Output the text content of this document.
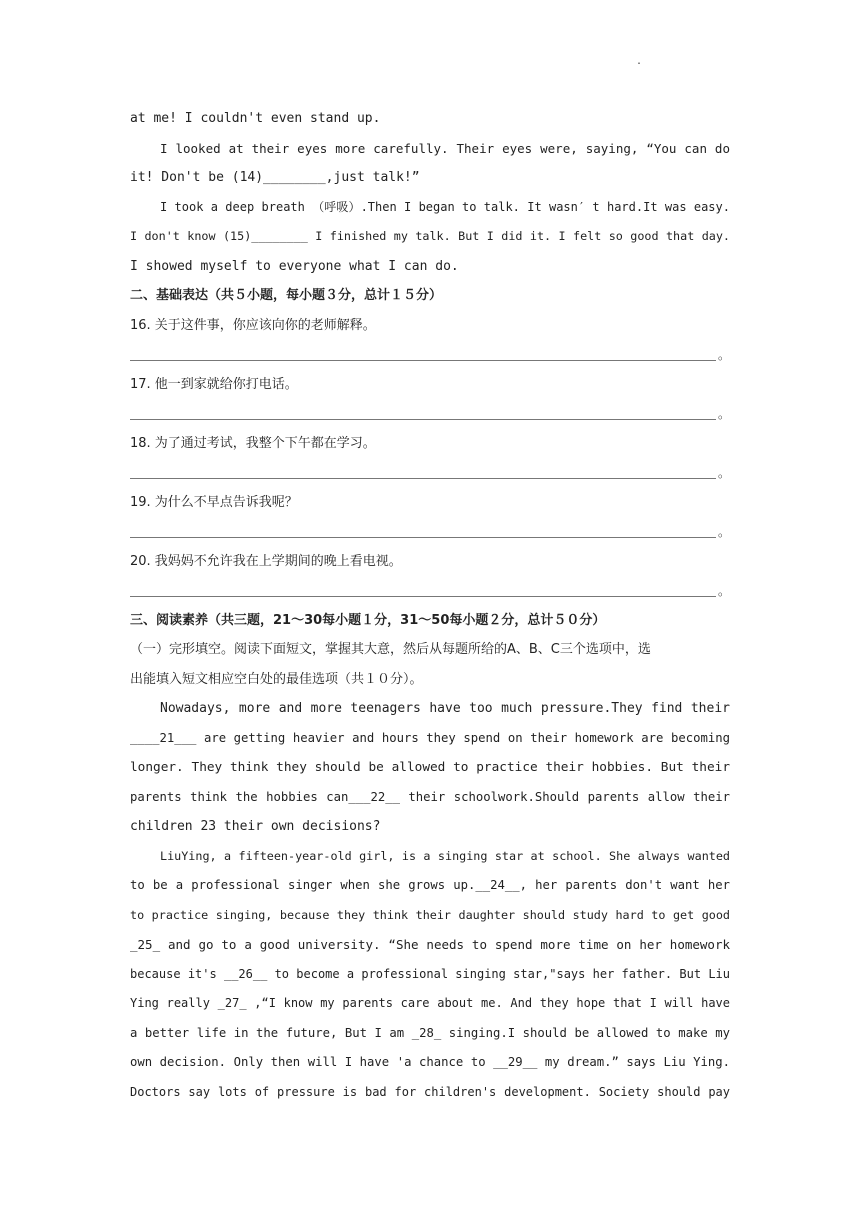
.
at me! I couldn't even stand up.
I looked at their eyes more carefully. Their eyes were, saying, “You can do
it! Don't be (14)________,just talk!”
I took a deep breath （呼吸）.Then I began to talk. It wasn′ t hard.It was easy.
I don't know (15)________ I finished my talk. But I did it. I felt so good that day.
I showed myself to everyone what I can do.
二、基础表达（共５小题，每小题３分，总计１５分）
16. 关于这件事，你应该向你的老师解释。
。
17. 他一到家就给你打电话。
。
18. 为了通过考试，我整个下午都在学习。
。
19. 为什么不早点告诉我呢？
。
20. 我妈妈不允许我在上学期间的晚上看电视。
。
三、阅读素养（共三题，21～30每小题１分，31～50每小题２分，总计５０分）
（一）完形填空。阅读下面短文，掌握其大意，然后从每题所给的A、B、C三个选项中，选
出能填入短文相应空白处的最佳选项（共１０分）。
Nowadays, more and more teenagers have too much pressure.They find their
____21___ are getting heavier and hours they spend on their homework are becoming
longer. They think they should be allowed to practice their hobbies. But their
parents think the hobbies can___22__ their schoolwork.Should parents allow their
children 23 their own decisions?
LiuYing, a fifteen-year-old girl, is a singing star at school. She always wanted
to be a professional singer when she grows up.__24__, her parents don't want her
to practice singing, because they think their daughter should study hard to get good
_25_ and go to a good university. “She needs to spend more time on her homework
because it's __26__ to become a professional singing star,"says her father. But Liu
Ying really _27_ ,“I know my parents care about me. And they hope that I will have
a better life in the future, But I am _28_ singing.I should be allowed to make my
own decision. Only then will I have 'a chance to __29__ my dream.” says Liu Ying.
Doctors say lots of pressure is bad for children's development. Society should pay
